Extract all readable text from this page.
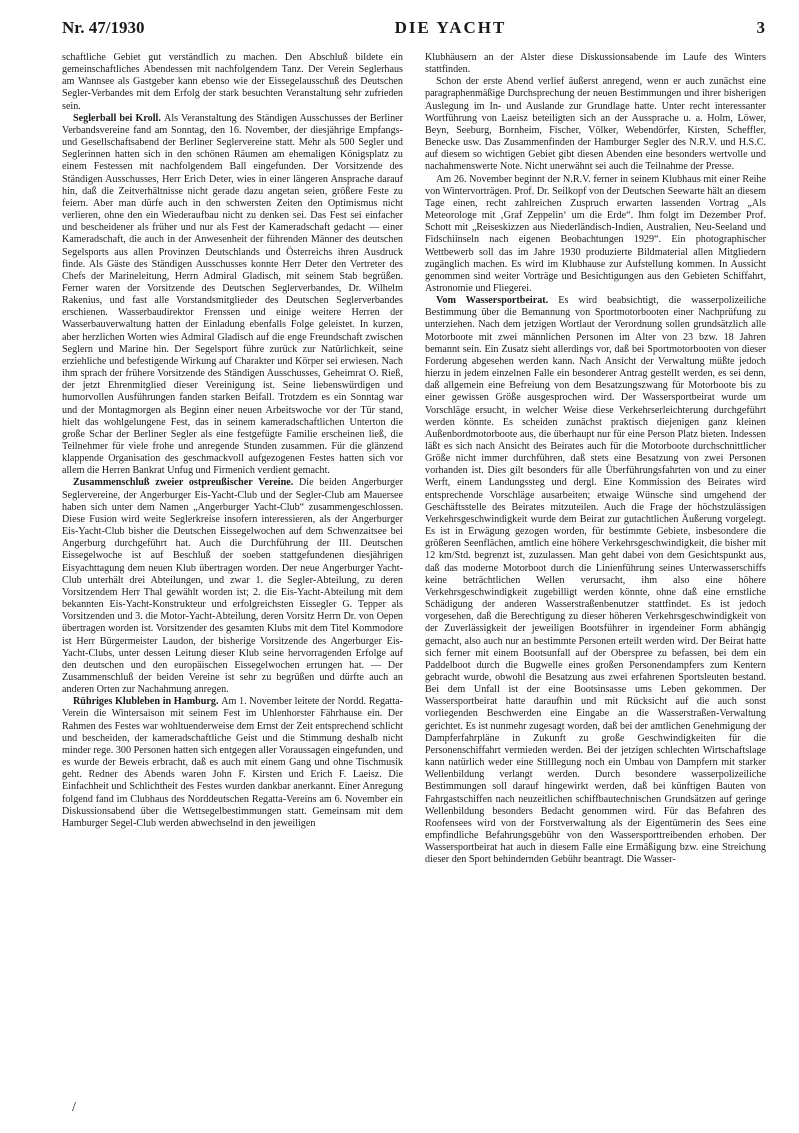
Nr. 47/1930	DIE YACHT	3

schaftliche Gebiet gut verständlich zu machen. Den Abschluß bildete ein gemeinschaftliches Abendessen mit nachfolgendem Tanz. Der Verein Seglerhaus am Wannsee als Gastgeber kann ebenso wie der Eissegelausschuß des Deutschen Segler-Verbandes mit dem Erfolg der stark besuchten Veranstaltung sehr zufrieden sein.

Seglerball bei Kroll. Als Veranstaltung des Ständigen Ausschusses der Berliner Verbandsvereine fand am Sonntag, den 16. November, der diesjährige Empfangs- und Gesellschaftsabend der Berliner Seglervereine statt. Mehr als 500 Segler und Seglerinnen hatten sich in den schönen Räumen am ehemaligen Königsplatz zu einem Festessen mit nachfolgendem Ball eingefunden. Der Vorsitzende des Ständigen Ausschusses, Herr Erich Deter, wies in einer längeren Ansprache darauf hin, daß die Zeitverhältnisse nicht gerade dazu angetan seien, größere Feste zu feiern. Aber man dürfe auch in den schwersten Zeiten den Optimismus nicht verlieren, ohne den ein Wiederaufbau nicht zu denken sei. Das Fest sei einfacher und bescheidener als früher und nur als Fest der Kameradschaft gedacht — einer Kameradschaft, die auch in der Anwesenheit der führenden Männer des deutschen Segelsports aus allen Provinzen Deutschlands und Österreichs ihren Ausdruck finde. Als Gäste des Ständigen Ausschusses konnte Herr Deter den Vertreter des Chefs der Marineleitung, Herrn Admiral Gladisch, mit seinem Stab begrüßen. Ferner waren der Vorsitzende des Deutschen Seglerverbandes, Dr. Wilhelm Rakenius, und fast alle Vorstandsmitglieder des Deutschen Seglerverbandes erschienen. Wasserbaudirektor Frenssen und einige weitere Herren der Wasserbauverwaltung hatten der Einladung ebenfalls Folge geleistet. In kurzen, aber herzlichen Worten wies Admiral Gladisch auf die enge Freundschaft zwischen Seglern und Marine hin. Der Segelsport führe zurück zur Natürlichkeit, seine erziehliche und befestigende Wirkung auf Charakter und Körper sei erwiesen. Nach ihm sprach der frühere Vorsitzende des Ständigen Ausschusses, Geheimrat O. Rieß, der jetzt Ehrenmitglied dieser Vereinigung ist. Seine liebenswürdigen und humorvollen Ausführungen fanden starken Beifall. Trotzdem es ein Sonntag war und der Montagmorgen als Beginn einer neuen Arbeitswoche vor der Tür stand, hielt das wohlgelungene Fest, das in seinem kameradschaftlichen Unterton die große Schar der Berliner Segler als eine festgefügte Familie erscheinen ließ, die Teilnehmer für viele frohe und anregende Stunden zusammen. Für die glänzend klappende Organisation des geschmackvoll aufgezogenen Festes hatten sich vor allem die Herren Bankrat Unfug und Firmenich verdient gemacht.

Zusammenschluß zweier ostpreußischer Vereine. Die beiden Angerburger Seglervereine, der Angerburger Eis-Yacht-Club und der Segler-Club am Mauersee haben sich unter dem Namen „Angerburger Yacht-Club“ zusammengeschlossen. Diese Fusion wird weite Seglerkreise insofern interessieren, als der Angerburger Eis-Yacht-Club bisher die Deutschen Eissegelwochen auf dem Schwenzaitsee bei Angerburg durchgeführt hat. Auch die Durchführung der III. Deutschen Eissegelwoche ist auf Beschluß der soeben stattgefundenen diesjährigen Eisyachttagung dem neuen Klub übertragen worden. Der neue Angerburger Yacht-Club unterhält drei Abteilungen, und zwar 1. die Segler-Abteilung, zu deren Vorsitzendem Herr Thal gewählt worden ist; 2. die Eis-Yacht-Abteilung mit dem bekannten Eis-Yacht-Konstrukteur und erfolgreichsten Eissegler G. Tepper als Vorsitzenden und 3. die Motor-Yacht-Abteilung, deren Vorsitz Herrn Dr. von Oepen übertragen worden ist. Vorsitzender des gesamten Klubs mit dem Titel Kommodore ist Herr Bürgermeister Laudon, der bisherige Vorsitzende des Angerburger Eis-Yacht-Clubs, unter dessen Leitung dieser Klub seine hervorragenden Erfolge auf den deutschen und den europäischen Eissegelwochen errungen hat. — Der Zusammenschluß der beiden Vereine ist sehr zu begrüßen und dürfte auch an anderen Orten zur Nachahmung anregen.

Rühriges Klubleben in Hamburg. Am 1. November leitete der Nordd. Regatta-Verein die Wintersaison mit seinem Fest im Uhlenhorster Fährhause ein. Der Rahmen des Festes war wohltuenderweise dem Ernst der Zeit entsprechend schlicht und bescheiden, der kameradschaftliche Geist und die Stimmung deshalb nicht minder rege. 300 Personen hatten sich entgegen aller Voraussagen eingefunden, und es wurde der Beweis erbracht, daß es auch mit einem Gang und ohne Tischmusik geht. Redner des Abends waren John F. Kirsten und Erich F. Laeisz. Die Einfachheit und Schlichtheit des Festes wurden dankbar anerkannt. Einer Anregung folgend fand im Clubhaus des Norddeutschen Regatta-Vereins am 6. November ein Diskussionsabend über die Wettsegelbestimmungen statt. Gemeinsam mit dem Hamburger Segel-Club werden abwechselnd in den jeweiligen

Klubhäusern an der Alster diese Diskussionsabende im Laufe des Winters stattfinden.

Schon der erste Abend verlief äußerst anregend, wenn er auch zunächst eine paragraphenmäßige Durchsprechung der neuen Bestimmungen und ihrer bisherigen Auslegung im In- und Auslande zur Grundlage hatte. Unter recht interessanter Wortführung von Laeisz beteiligten sich an der Aussprache u. a. Holm, Löwer, Beyn, Seeburg, Bornheim, Fischer, Völker, Webendörfer, Kirsten, Scheffler, Benecke usw. Das Zusammenfinden der Hamburger Segler des N.R.V. und H.S.C. auf diesem so wichtigen Gebiet gibt diesen Abenden eine besonders wertvolle und nachahmenswerte Note. Nicht unerwähnt sei auch die Teilnahme der Presse.

Am 26. November beginnt der N.R.V. ferner in seinem Klubhaus mit einer Reihe von Wintervorträgen. Prof. Dr. Seilkopf von der Deutschen Seewarte hält an diesem Tage einen, recht zahlreichen Zuspruch erwarten lassenden Vortrag „Als Meteorologe mit ‚Graf Zeppelin‘ um die Erde“. Ihm folgt im Dezember Prof. Schott mit „Reiseskizzen aus Niederländisch-Indien, Australien, Neu-Seeland und Fidschiinseln nach eigenen Beobachtungen 1929“. Ein photographischer Wettbewerb soll das im Jahre 1930 produzierte Bildmaterial allen Mitgliedern zugänglich machen. Es wird im Klubhause zur Aufstellung kommen. In Aussicht genommen sind weiter Vorträge und Besichtigungen aus den Gebieten Schiffahrt, Astronomie und Fliegerei.

Vom Wassersportbeirat. Es wird beabsichtigt, die wasserpolizeiliche Bestimmung über die Bemannung von Sportmotorbooten einer Nachprüfung zu unterziehen. Nach dem jetzigen Wortlaut der Verordnung sollen grundsätzlich alle Motorboote mit zwei männlichen Personen im Alter von 23 bzw. 18 Jahren bemannt sein. Ein Zusatz sieht allerdings vor, daß bei Sportmotorbooten von dieser Forderung abgesehen werden kann. Nach Ansicht der Verwaltung müßte jedoch hierzu in jedem einzelnen Falle ein besonderer Antrag gestellt werden, es sei denn, daß allgemein eine Befreiung von dem Besatzungszwang für Motorboote bis zu einer gewissen Größe ausgesprochen wird. Der Wassersportbeirat wurde um Vorschläge ersucht, in welcher Weise diese Verkehrserleichterung durchgeführt werden könnte. Es scheiden zunächst praktisch diejenigen ganz kleinen Außenbordmotorboote aus, die überhaupt nur für eine Person Platz bieten. Indessen läßt es sich nach Ansicht des Beirates auch für die Motorboote durchschnittlicher Größe nicht immer durchführen, daß stets eine Besatzung von zwei Personen vorhanden ist. Dies gilt besonders für alle Überführungsfahrten von und zu einer Werft, einem Landungssteg und dergl. Eine Kommission des Beirates wird entsprechende Vorschläge ausarbeiten; etwaige Wünsche sind umgehend der Geschäftsstelle des Beirates mitzuteilen. Auch die Frage der höchstzulässigen Verkehrsgeschwindigkeit wurde dem Beirat zur gutachtlichen Äußerung vorgelegt. Es ist in Erwägung gezogen worden, für bestimmte Gebiete, insbesondere die größeren Seenflächen, amtlich eine höhere Verkehrsgeschwindigkeit, die bisher mit 12 km/Std. begrenzt ist, zuzulassen. Man geht dabei von dem Gesichtspunkt aus, daß das moderne Motorboot durch die Linienführung seines Unterwasserschiffs keine beträchtlichen Wellen verursacht, ihm also eine höhere Verkehrsgeschwindigkeit zugebilligt werden könnte, ohne daß eine ernstliche Schädigung der anderen Wasserstraßenbenutzer stattfindet. Es ist jedoch vorgesehen, daß die Berechtigung zu dieser höheren Verkehrsgeschwindigkeit von der Zuverlässigkeit der jeweiligen Bootsführer in irgendeiner Form abhängig gemacht, also auch nur an bestimmte Personen erteilt werden wird. Der Beirat hatte sich ferner mit einem Bootsunfall auf der Oberspree zu befassen, bei dem ein Paddelboot durch die Bugwelle eines großen Personendampfers zum Kentern gebracht wurde, obwohl die Besatzung aus zwei erfahrenen Sportsleuten bestand. Bei dem Unfall ist der eine Bootsinsasse ums Leben gekommen. Der Wassersportbeirat hatte daraufhin und mit Rücksicht auf die auch sonst vorliegenden Beschwerden eine Eingabe an die Wasserstraßen-Verwaltung gerichtet. Es ist nunmehr zugesagt worden, daß bei der amtlichen Genehmigung der Dampferfahrpläne in Zukunft zu große Geschwindigkeiten für die Personenschiffahrt vermieden werden. Bei der jetzigen schlechten Wirtschaftslage kann natürlich weder eine Stilllegung noch ein Umbau von Dampfern mit starker Wellenbildung verlangt werden. Durch besondere wasserpolizeiliche Bestimmungen soll darauf hingewirkt werden, daß bei künftigen Bauten von Fahrgastschiffen nach neuzeitlichen schiffbautechnischen Grundsätzen auf geringe Wellenbildung besonders Bedacht genommen wird. Für das Befahren des Roofensees wird von der Forstverwaltung als der Eigentümerin des Sees eine empfindliche Befahrungsgebühr von den Wassersporttreibenden erhoben. Der Wassersportbeirat hat auch in diesem Falle eine Ermäßigung bzw. eine Streichung dieser den Sport behindernden Gebühr beantragt. Die Wasser-

/
